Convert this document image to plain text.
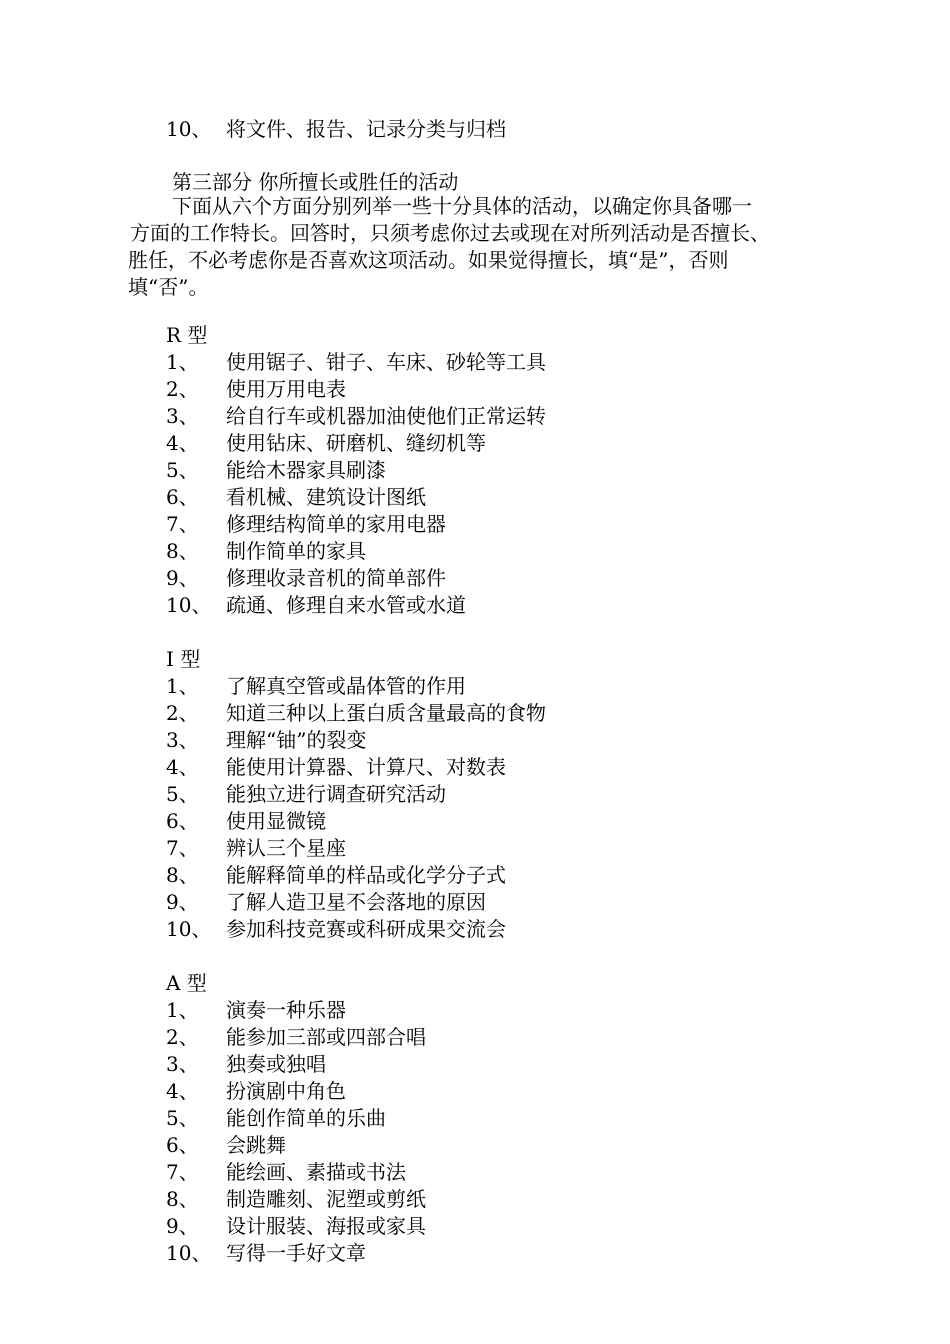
10、 将文件、报告、记录分类与归档
第三部分 你所擅长或胜任的活动
下面从六个方面分别列举一些十分具体的活动，以确定你具备哪一
方面的工作特长。回答时，只须考虑你过去或现在对所列活动是否擅长、
胜任，不必考虑你是否喜欢这项活动。如果觉得擅长，填“是”，否则
填“否”。
R 型
1、 使用锯子、钳子、车床、砂轮等工具
2、 使用万用电表
3、 给自行车或机器加油使他们正常运转
4、 使用钻床、研磨机、缝纫机等
5、 能给木器家具刷漆
6、 看机械、建筑设计图纸
7、 修理结构简单的家用电器
8、 制作简单的家具
9、 修理收录音机的简单部件
10、 疏通、修理自来水管或水道
I 型
1、 了解真空管或晶体管的作用
2、 知道三种以上蛋白质含量最高的食物
3、 理解“铀”的裂变
4、 能使用计算器、计算尺、对数表
5、 能独立进行调查研究活动
6、 使用显微镜
7、 辨认三个星座
8、 能解释简单的样品或化学分子式
9、 了解人造卫星不会落地的原因
10、 参加科技竞赛或科研成果交流会
A 型
1、 演奏一种乐器
2、 能参加三部或四部合唱
3、 独奏或独唱
4、 扮演剧中角色
5、 能创作简单的乐曲
6、 会跳舞
7、 能绘画、素描或书法
8、 制造雕刻、泥塑或剪纸
9、 设计服装、海报或家具
10、 写得一手好文章
